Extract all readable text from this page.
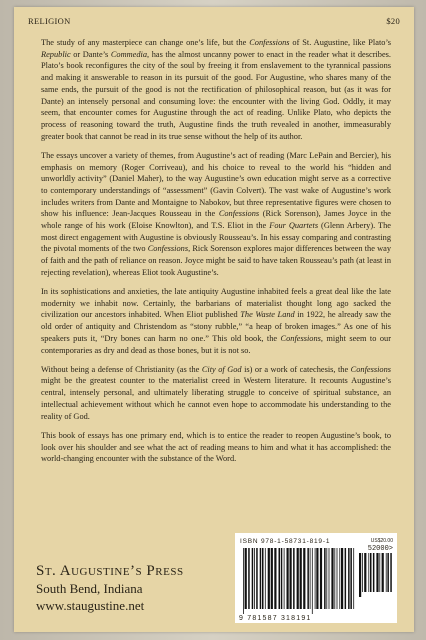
RELIGION	$20

The study of any masterpiece can change one’s life, but the Confessions of St. Augustine, like Plato’s Republic or Dante’s Commedia, has the almost uncanny power to enact in the reader what it describes. Plato’s book reconfigures the city of the soul by freeing it from enslavement to the tyrannical passions and making it answerable to reason in its pursuit of the good. For Augustine, who shares many of the same ends, the pursuit of the good is not the rectification of philosophical reason, but (as it was for Dante) an intensely personal and consuming love: the encounter with the living God. Oddly, it may seem, that encounter comes for Augustine through the act of reading. Unlike Plato, who depicts the process of reasoning toward the truth, Augustine finds the truth revealed in another, immeasurably greater book that cannot be read in its true sense without the help of its author.

The essays uncover a variety of themes, from Augustine’s act of reading (Marc LePain and Bercier), his emphasis on memory (Roger Corriveau), and his choice to reveal to the world his “hidden and unworldly activity” (Daniel Maher), to the way Augustine’s own education might serve as a corrective to contemporary understandings of “assessment” (Gavin Colvert). The vast wake of Augustine’s work includes writers from Dante and Montaigne to Nabokov, but three representative figures were chosen to show his influence: Jean-Jacques Rousseau in the Confessions (Rick Sorenson), James Joyce in the whole range of his work (Eloise Knowlton), and T.S. Eliot in the Four Quartets (Glenn Arbery). The most direct engagement with Augustine is obviously Rousseau’s. In his essay comparing and contrasting the pivotal moments of the two Confessions, Rick Sorenson explores major differences between the way of faith and the path of reliance on reason. Joyce might be said to have taken Rousseau’s path (at least in rejecting revelation), whereas Eliot took Augustine’s.

In its sophistications and anxieties, the late antiquity Augustine inhabited feels a great deal like the late modernity we inhabit now. Certainly, the barbarians of materialist thought long ago sacked the civilization our ancestors inhabited. When Eliot published The Waste Land in 1922, he already saw the old order of antiquity and Christendom as “stony rubble,” “a heap of broken images.” As one of his speakers puts it, “Dry bones can harm no one.” This old book, the Confessions, might seem to our contemporaries as dry and dead as those bones, but it is not so.

Without being a defense of Christianity (as the City of God is) or a work of catechesis, the Confessions might be the greatest counter to the materialist creed in Western literature. It recounts Augustine’s central, intensely personal, and ultimately liberating struggle to conceive of spiritual substance, an intellectual achievement without which he cannot even hope to accommodate his understanding to the reality of God.

This book of essays has one primary end, which is to entice the reader to reopen Augustine’s book, to look over his shoulder and see what the act of reading means to him and what it has accomplished: the world-changing encounter with the substance of the Word.

St. Augustine’s Press
South Bend, Indiana
www.staugustine.net
ISBN 978-1-58731-819-1	US$20.00
52000>
9 781587 318191
